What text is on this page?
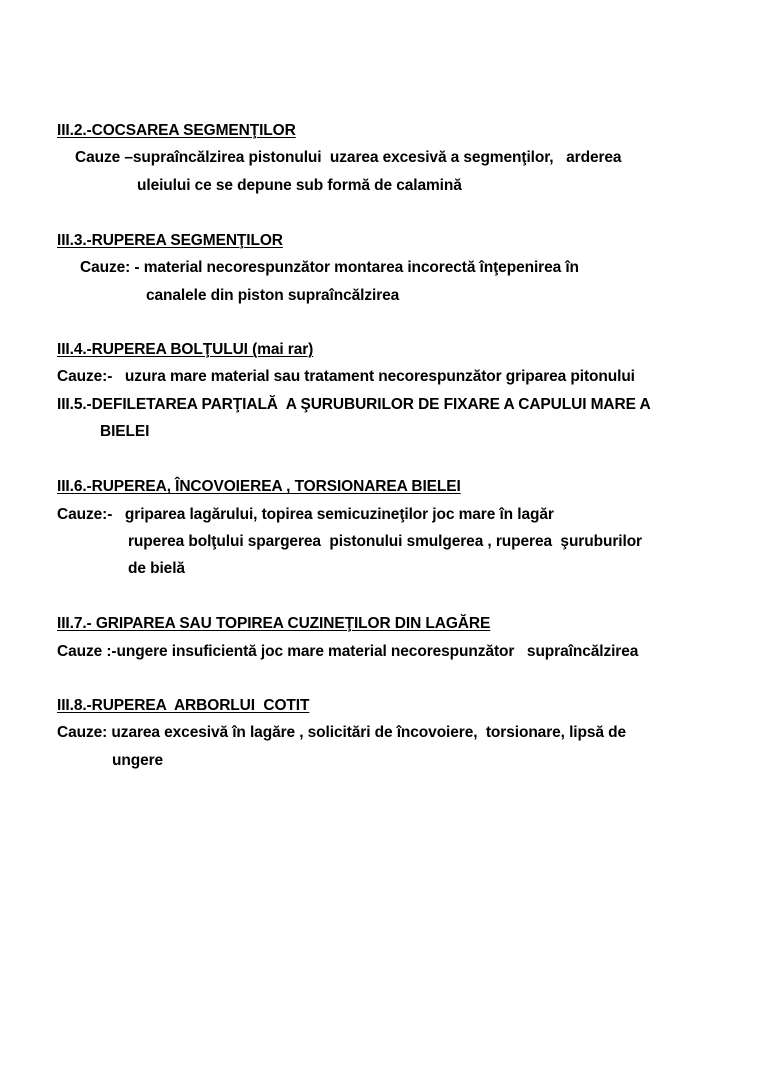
III.2.-COCSAREA SEGMENŢILOR
Cauze –supraîncălzirea pistonului  uzarea excesivă a segmenţilor,   arderea
uleiului ce se depune sub formă de calamină
III.3.-RUPEREA SEGMENŢILOR
Cauze: - material necorespunzător montarea incorectă înţepenirea în
canalele din piston supraîncălzirea
III.4.-RUPEREA BOLŢULUI (mai rar)
Cauze:-   uzura mare material sau tratament necorespunzător griparea pitonului
III.5.-DEFILETAREA PARŢIALĂ  A ŞURUBURILOR DE FIXARE A CAPULUI MARE A
BIELEI
III.6.-RUPEREA, ÎNCOVOIEREA , TORSIONAREA BIELEI
Cauze:-   griparea lagărului, topirea semicuzineţilor joc mare în lagăr
ruperea bolţului spargerea  pistonului smulgerea , ruperea  şuruburilor
de bielă
III.7.- GRIPAREA SAU TOPIREA CUZINEŢILOR DIN LAGĂRE
Cauze :-ungere insuficientă joc mare material necorespunzător   supraîncălzirea
III.8.-RUPEREA  ARBORLUI  COTIT
Cauze: uzarea excesivă în lagăre , solicitări de încovoiere,  torsionare, lipsă de
ungere
